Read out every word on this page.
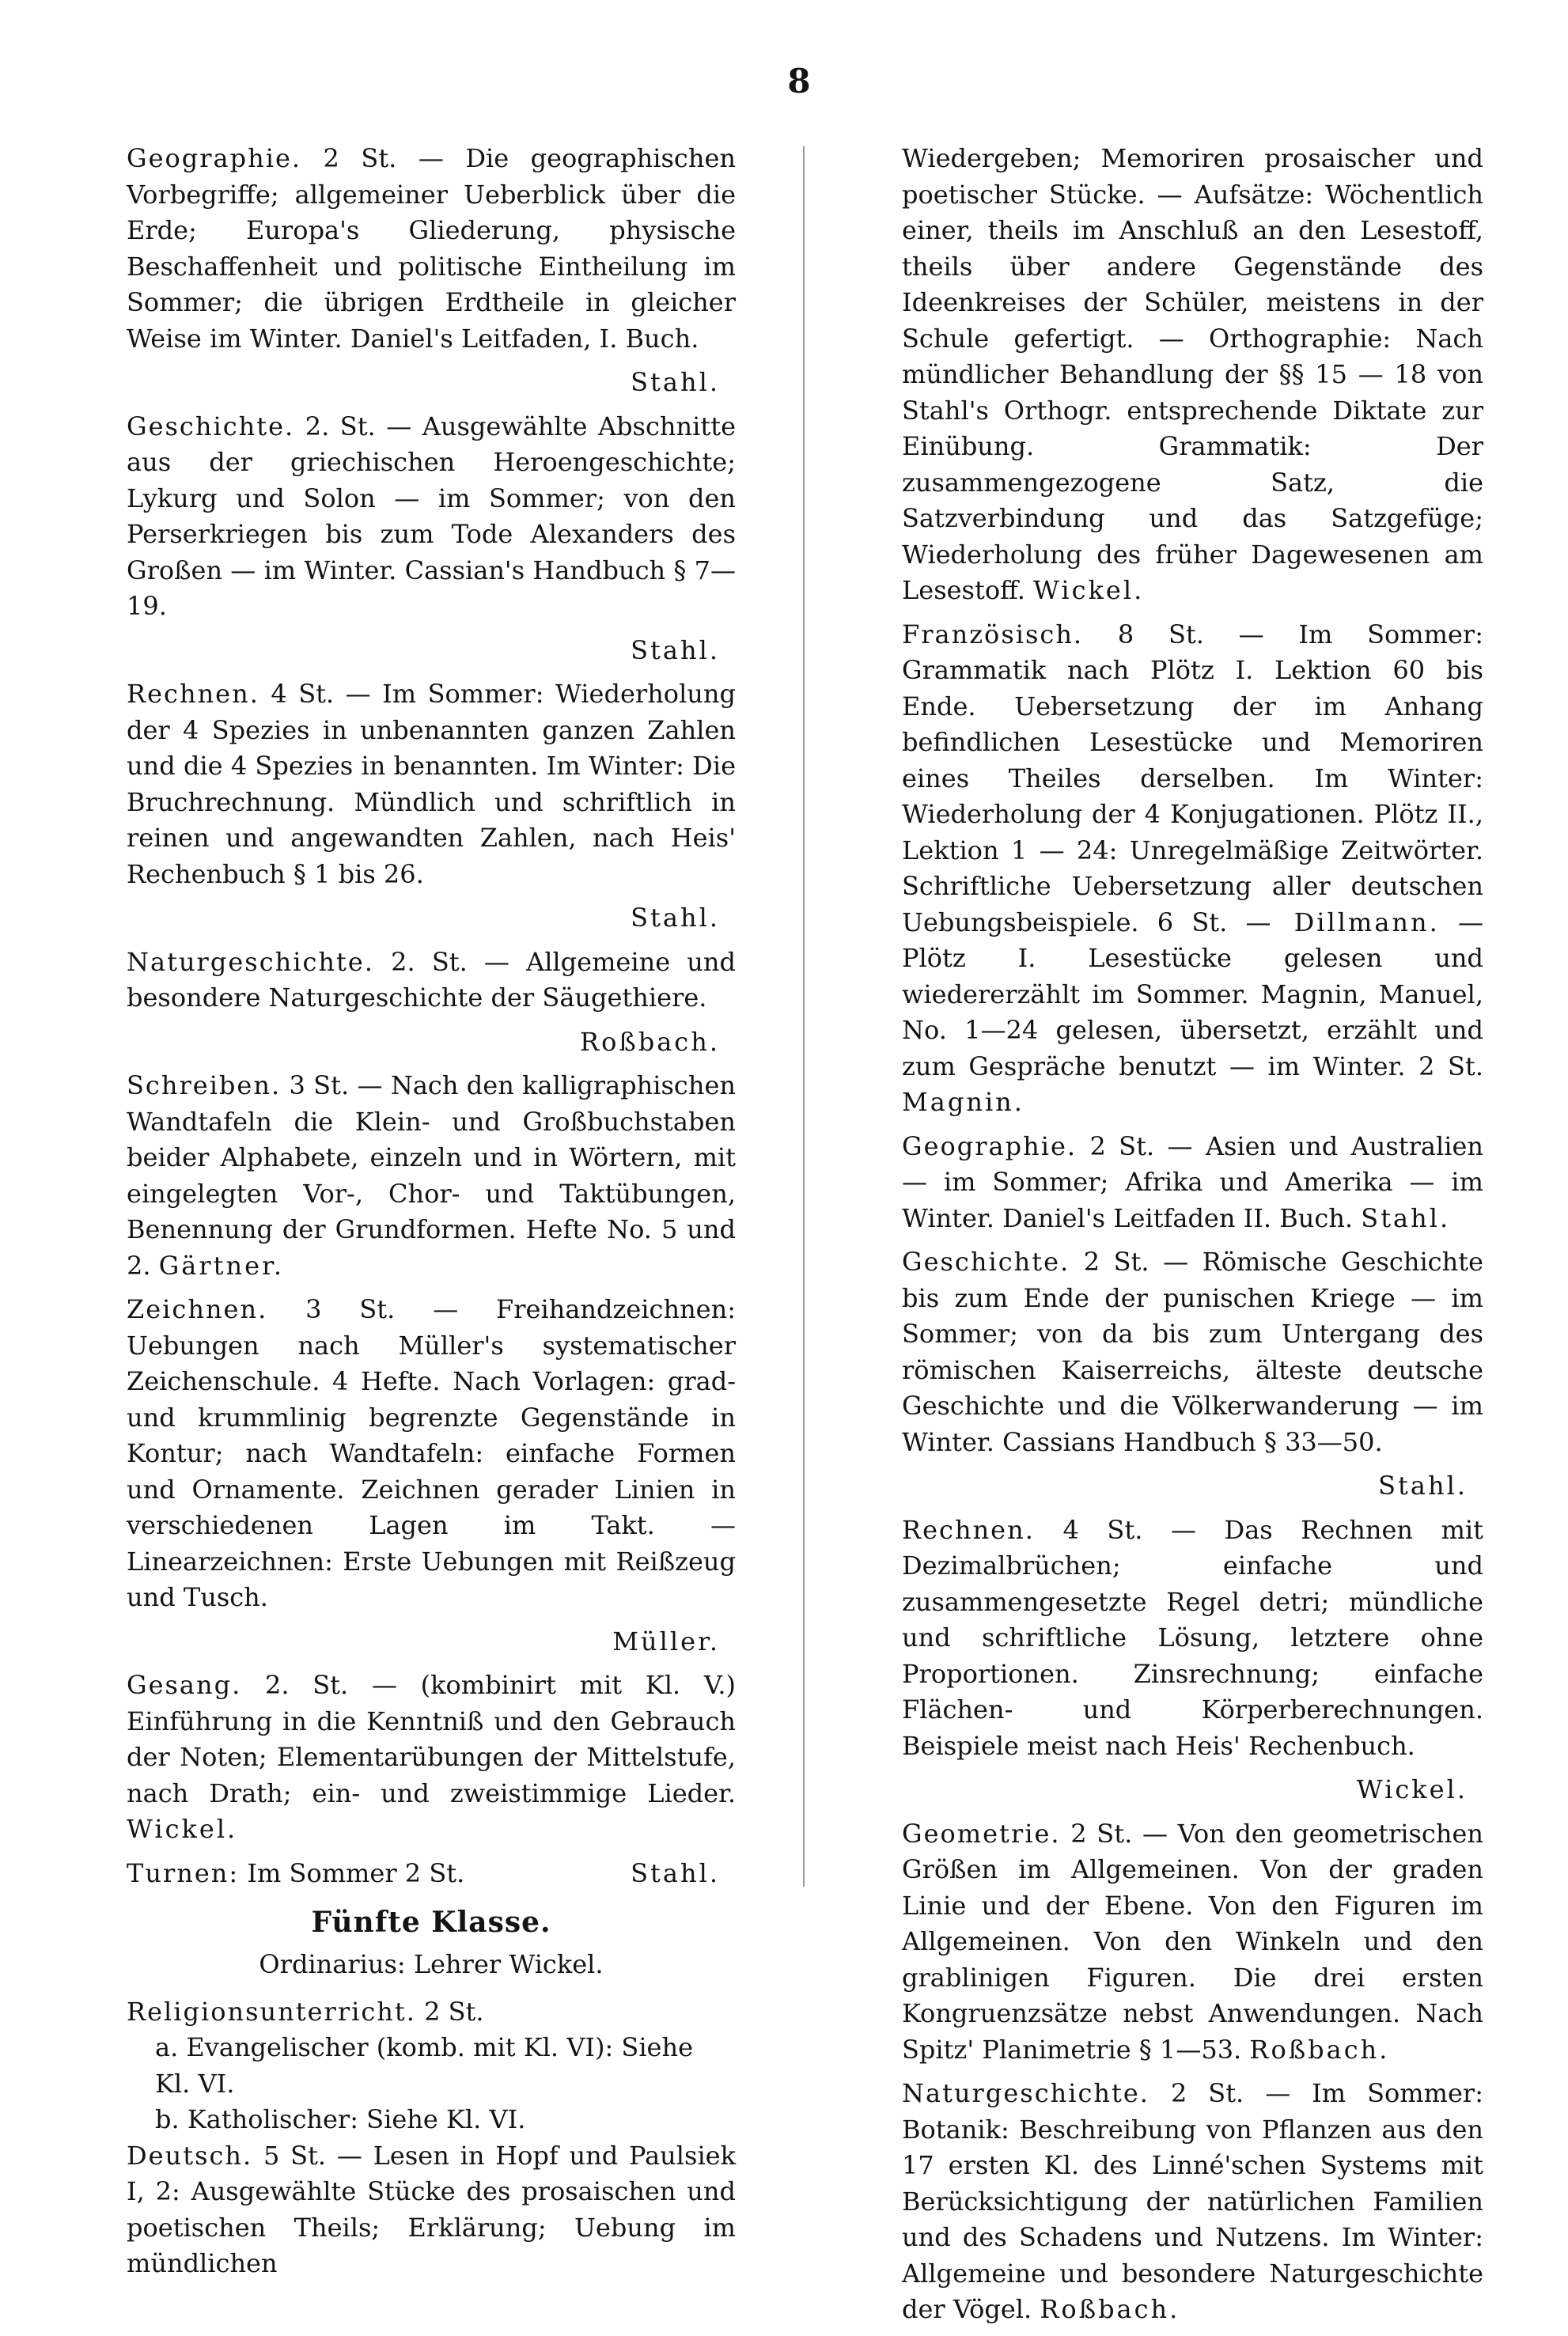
8

Geographie. 2 St. — Die geographischen Vorbegriffe; allgemeiner Ueberblick über die Erde; Europa's Gliederung, physische Beschaffenheit und politische Eintheilung im Sommer; die übrigen Erdtheile in gleicher Weise im Winter. Daniel's Leitfaden, I. Buch.

Stahl.

Geschichte. 2. St. — Ausgewählte Abschnitte aus der griechischen Heroengeschichte; Lykurg und Solon — im Sommer; von den Perserkriegen bis zum Tode Alexanders des Großen — im Winter. Cassian's Handbuch § 7—19.

Stahl.

Rechnen. 4 St. — Im Sommer: Wiederholung der 4 Spezies in unbenannten ganzen Zahlen und die 4 Spezies in benannten. Im Winter: Die Bruchrechnung. Mündlich und schriftlich in reinen und angewandten Zahlen, nach Heis' Rechenbuch § 1 bis 26.

Stahl.

Naturgeschichte. 2. St. — Allgemeine und besondere Naturgeschichte der Säugethiere.

Roßbach.

Schreiben. 3 St. — Nach den kalligraphischen Wandtafeln die Klein- und Großbuchstaben beider Alphabete, einzeln und in Wörtern, mit eingelegten Vor-, Chor- und Taktübungen, Benennung der Grundformen. Hefte No. 5 und 2. Gärtner.

Zeichnen. 3 St. — Freihandzeichnen: Uebungen nach Müller's systematischer Zeichenschule. 4 Hefte. Nach Vorlagen: grad- und krummlinig begrenzte Gegenstände in Kontur; nach Wandtafeln: einfache Formen und Ornamente. Zeichnen gerader Linien in verschiedenen Lagen im Takt. — Linearzeichnen: Erste Uebungen mit Reißzeug und Tusch.

Müller.

Gesang. 2. St. — (kombinirt mit Kl. V.) Einführung in die Kenntniß und den Gebrauch der Noten; Elementarübungen der Mittelstufe, nach Drath; ein- und zweistimmige Lieder. Wickel.

Turnen: Im Sommer 2 St.	Stahl.

Fünfte Klasse.
Ordinarius: Lehrer Wickel.

Religionsunterricht. 2 St.

a. Evangelischer (komb. mit Kl. VI): Siehe Kl. VI.

b. Katholischer: Siehe Kl. VI.

Deutsch. 5 St. — Lesen in Hopf und Paulsiek I, 2: Ausgewählte Stücke des prosaischen und poetischen Theils; Erklärung; Uebung im mündlichen

Wiedergeben; Memoriren prosaischer und poetischer Stücke. — Aufsätze: Wöchentlich einer, theils im Anschluß an den Lesestoff, theils über andere Gegenstände des Ideenkreises der Schüler, meistens in der Schule gefertigt. — Orthographie: Nach mündlicher Behandlung der §§ 15 — 18 von Stahl's Orthogr. entsprechende Diktate zur Einübung. Grammatik: Der zusammengezogene Satz, die Satzverbindung und das Satzgefüge; Wiederholung des früher Dagewesenen am Lesestoff. Wickel.

Französisch. 8 St. — Im Sommer: Grammatik nach Plötz I. Lektion 60 bis Ende. Uebersetzung der im Anhang befindlichen Lesestücke und Memoriren eines Theiles derselben. Im Winter: Wiederholung der 4 Konjugationen. Plötz II., Lektion 1 — 24: Unregelmäßige Zeitwörter. Schriftliche Uebersetzung aller deutschen Uebungsbeispiele. 6 St. — Dillmann. — Plötz I. Lesestücke gelesen und wiedererzählt im Sommer. Magnin, Manuel, No. 1—24 gelesen, übersetzt, erzählt und zum Gespräche benutzt — im Winter. 2 St. Magnin.

Geographie. 2 St. — Asien und Australien — im Sommer; Afrika und Amerika — im Winter. Daniel's Leitfaden II. Buch. Stahl.

Geschichte. 2 St. — Römische Geschichte bis zum Ende der punischen Kriege — im Sommer; von da bis zum Untergang des römischen Kaiserreichs, älteste deutsche Geschichte und die Völkerwanderung — im Winter. Cassians Handbuch § 33—50.

Stahl.

Rechnen. 4 St. — Das Rechnen mit Dezimalbrüchen; einfache und zusammengesetzte Regel detri; mündliche und schriftliche Lösung, letztere ohne Proportionen. Zinsrechnung; einfache Flächen- und Körperberechnungen. Beispiele meist nach Heis' Rechenbuch.

Wickel.

Geometrie. 2 St. — Von den geometrischen Größen im Allgemeinen. Von der graden Linie und der Ebene. Von den Figuren im Allgemeinen. Von den Winkeln und den grablinigen Figuren. Die drei ersten Kongruenzsätze nebst Anwendungen. Nach Spitz' Planimetrie § 1—53. Roßbach.

Naturgeschichte. 2 St. — Im Sommer: Botanik: Beschreibung von Pflanzen aus den 17 ersten Kl. des Linné'schen Systems mit Berücksichtigung der natürlichen Familien und des Schadens und Nutzens. Im Winter: Allgemeine und besondere Naturgeschichte der Vögel. Roßbach.
